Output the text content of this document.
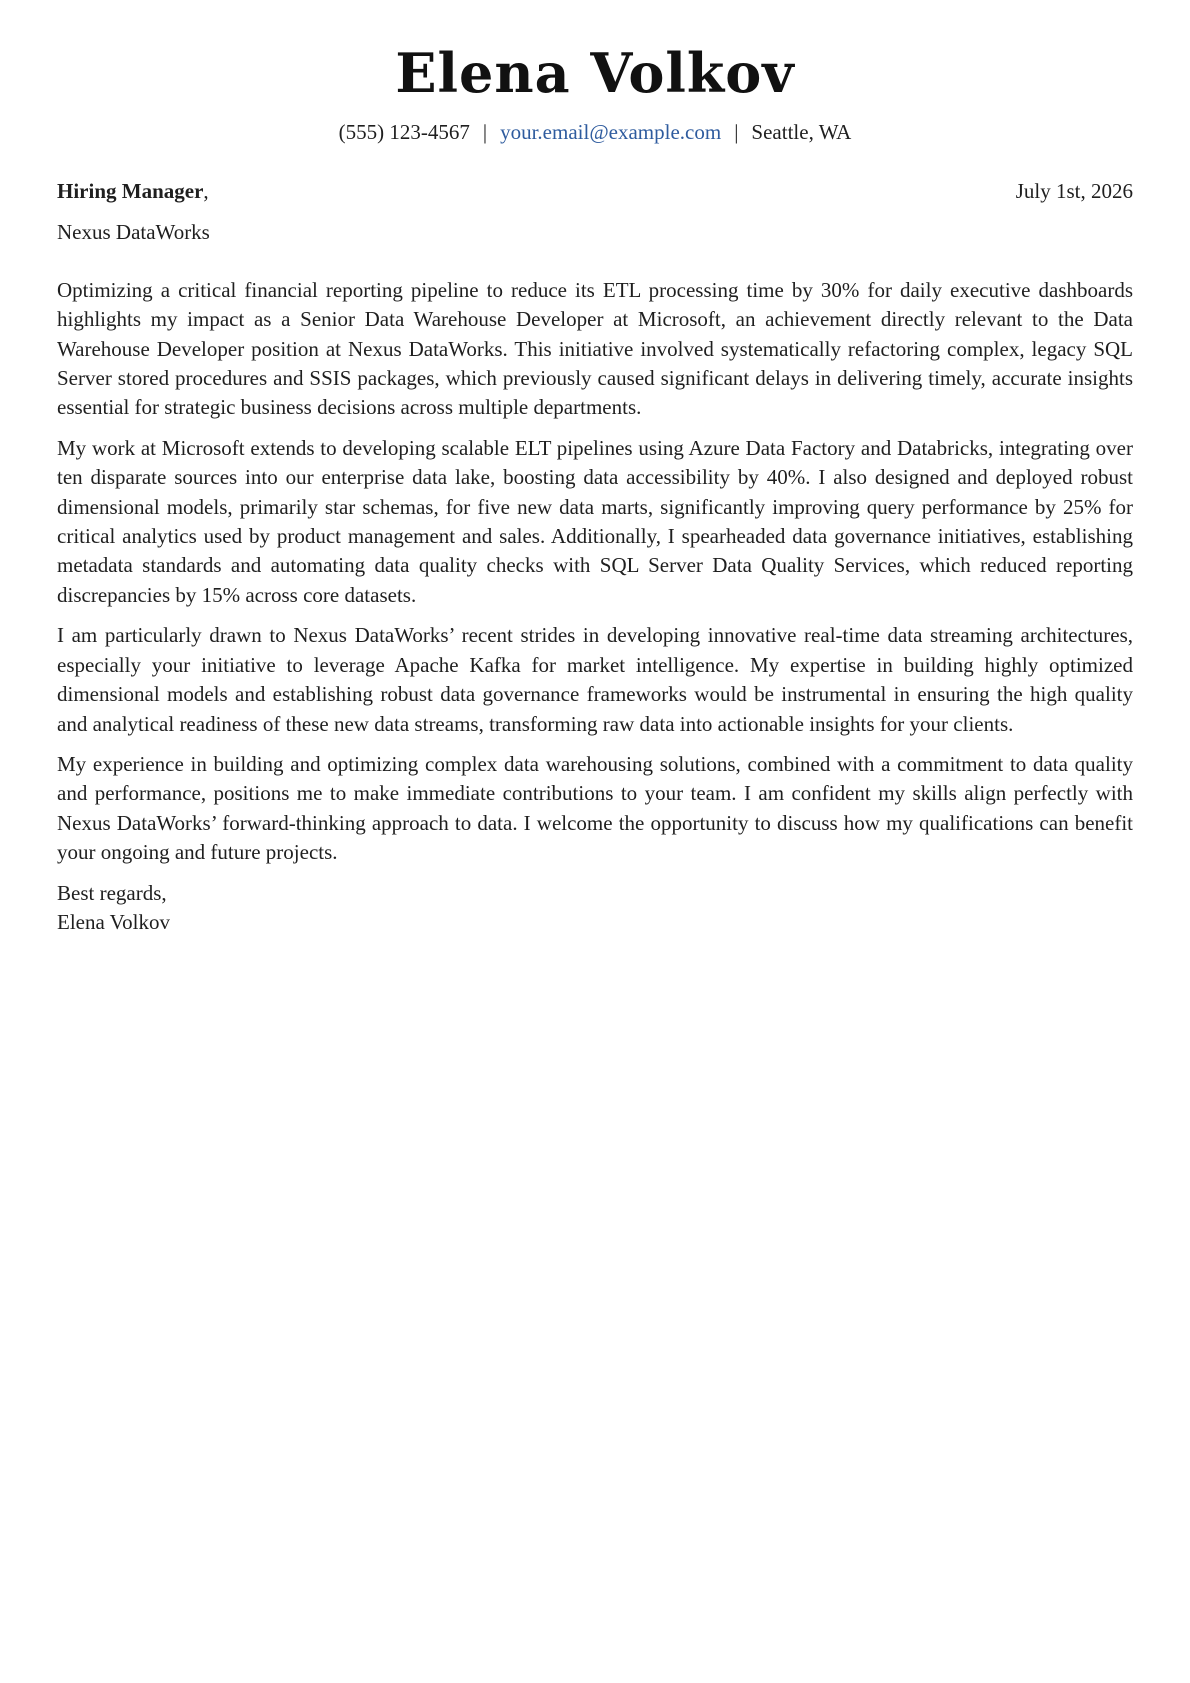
Elena Volkov
(555) 123-4567 | your.email@example.com | Seattle, WA
Hiring Manager,	July 1st, 2026
Nexus DataWorks

Optimizing a critical financial reporting pipeline to reduce its ETL processing time by 30% for daily executive dashboards highlights my impact as a Senior Data Warehouse Developer at Microsoft, an achievement directly relevant to the Data Warehouse Developer position at Nexus DataWorks. This initiative involved systematically refactoring complex, legacy SQL Server stored procedures and SSIS packages, which previously caused significant delays in delivering timely, accurate insights essential for strategic business decisions across multiple departments.

My work at Microsoft extends to developing scalable ELT pipelines using Azure Data Factory and Databricks, integrating over ten disparate sources into our enterprise data lake, boosting data accessibility by 40%. I also designed and deployed robust dimensional models, primarily star schemas, for five new data marts, significantly improving query performance by 25% for critical analytics used by product management and sales. Additionally, I spearheaded data governance initiatives, establishing metadata standards and automating data quality checks with SQL Server Data Quality Services, which reduced reporting discrepancies by 15% across core datasets.

I am particularly drawn to Nexus DataWorks’ recent strides in developing innovative real-time data streaming architectures, especially your initiative to leverage Apache Kafka for market intelligence. My expertise in building highly optimized dimensional models and establishing robust data governance frameworks would be instrumental in ensuring the high quality and analytical readiness of these new data streams, transforming raw data into actionable insights for your clients.

My experience in building and optimizing complex data warehousing solutions, combined with a commitment to data quality and performance, positions me to make immediate contributions to your team. I am confident my skills align perfectly with Nexus DataWorks’ forward-thinking approach to data. I welcome the opportunity to discuss how my qualifications can benefit your ongoing and future projects.

Best regards,
Elena Volkov
